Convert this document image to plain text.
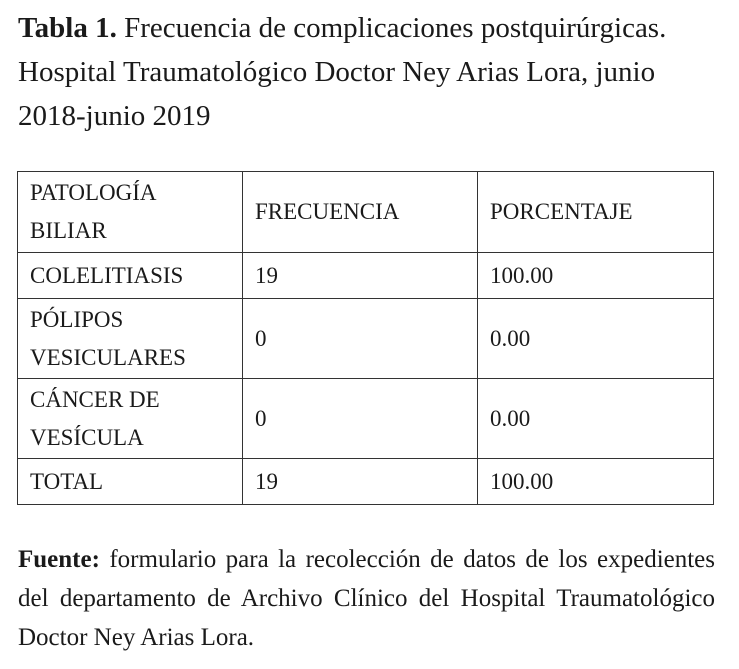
Tabla 1. Frecuencia de complicaciones postquirúrgicas. Hospital Traumatológico Doctor Ney Arias Lora, junio 2018-junio 2019

PATOLOGÍA BILIAR	FRECUENCIA	PORCENTAJE
COLELITIASIS	19	100.00
PÓLIPOS VESICULARES	0	0.00
CÁNCER DE VESÍCULA	0	0.00
TOTAL	19	100.00

Fuente: formulario para la recolección de datos de los expedientes del departamento de Archivo Clínico del Hospital Traumatológico Doctor Ney Arias Lora.
